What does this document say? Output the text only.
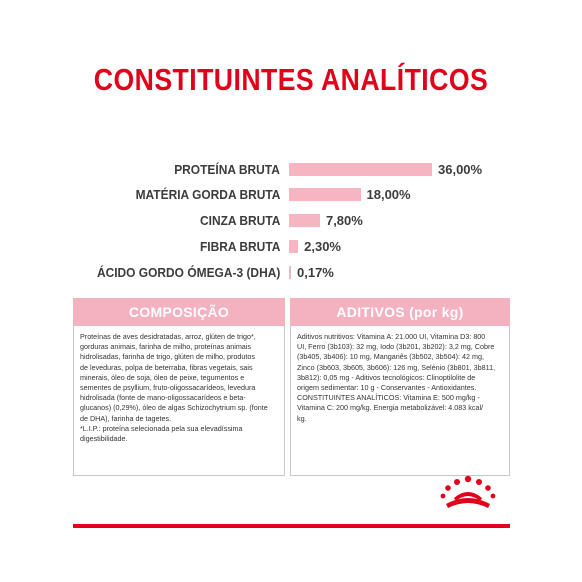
CONSTITUINTES ANALÍTICOS
PROTEÍNA BRUTA	36,00%
MATÉRIA GORDA BRUTA	18,00%
CINZA BRUTA	7,80%
FIBRA BRUTA 2,30%
ÁCIDO GORDO ÓMEGA-3 (DHA) 0,17%
COMPOSIÇÃO
Proteínas de aves desidratadas, arroz, glúten de trigo*,
gorduras animais, farinha de milho, proteínas animais
hidrolisadas, farinha de trigo, glúten de milho, produtos
de leveduras, polpa de beterraba, fibras vegetais, sais
minerais, óleo de soja, óleo de peixe, tegumentos e
sementes de psyllium, fruto-oligossacarídeos, levedura
hidrolisada (fonte de mano-oligossacarídeos e beta-
glucanos) (0,29%), óleo de algas Schizochytrium sp. (fonte
de DHA), farinha de tagetes.
*L.I.P.: proteína selecionada pela sua elevadíssima
digestibilidade.
ADITIVOS (por kg)
Aditivos nutritivos: Vitamina A: 21.000 UI, Vitamina D3: 800
UI, Ferro (3b103): 32 mg, Iodo (3b201, 3b202): 3,2 mg, Cobre
(3b405, 3b406): 10 mg, Manganês (3b502, 3b504): 42 mg,
Zinco (3b603, 3b605, 3b606): 126 mg, Selénio (3b801, 3b811,
3b812): 0,05 mg - Aditivos tecnológicos: Clinoptilolite de
origem sedimentar: 10 g - Conservantes - Antioxidantes.
CONSTITUINTES ANALÍTICOS: Vitamina E: 500 mg/kg -
Vitamina C: 200 mg/kg. Energia metabolizável: 4.083 kcal/
kg.
